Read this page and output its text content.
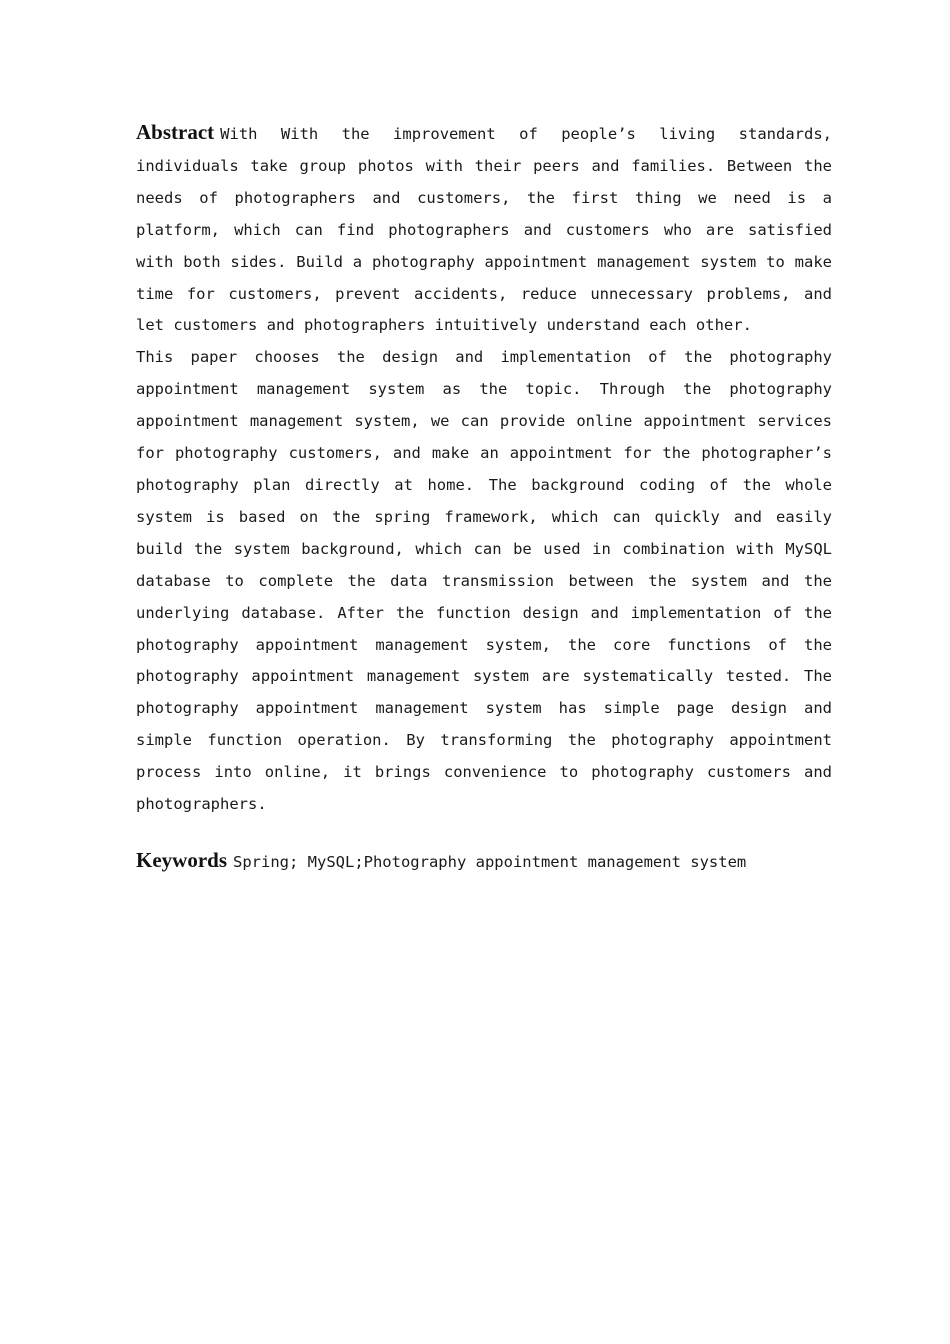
Abstract With With the improvement of people’s living standards, individuals take group photos with their peers and families. Between the needs of photographers and customers, the first thing we need is a platform, which can find photographers and customers who are satisfied with both sides. Build a photography appointment management system to make time for customers, prevent accidents, reduce unnecessary problems, and let customers and photographers intuitively understand each other.

This paper chooses the design and implementation of the photography appointment management system as the topic. Through the photography appointment management system, we can provide online appointment services for photography customers, and make an appointment for the photographer’s photography plan directly at home. The background coding of the whole system is based on the spring framework, which can quickly and easily build the system background, which can be used in combination with MySQL database to complete the data transmission between the system and the underlying database. After the function design and implementation of the photography appointment management system, the core functions of the photography appointment management system are systematically tested. The photography appointment management system has simple page design and simple function operation. By transforming the photography appointment process into online, it brings convenience to photography customers and photographers.

Keywords Spring; MySQL;Photography appointment management system
